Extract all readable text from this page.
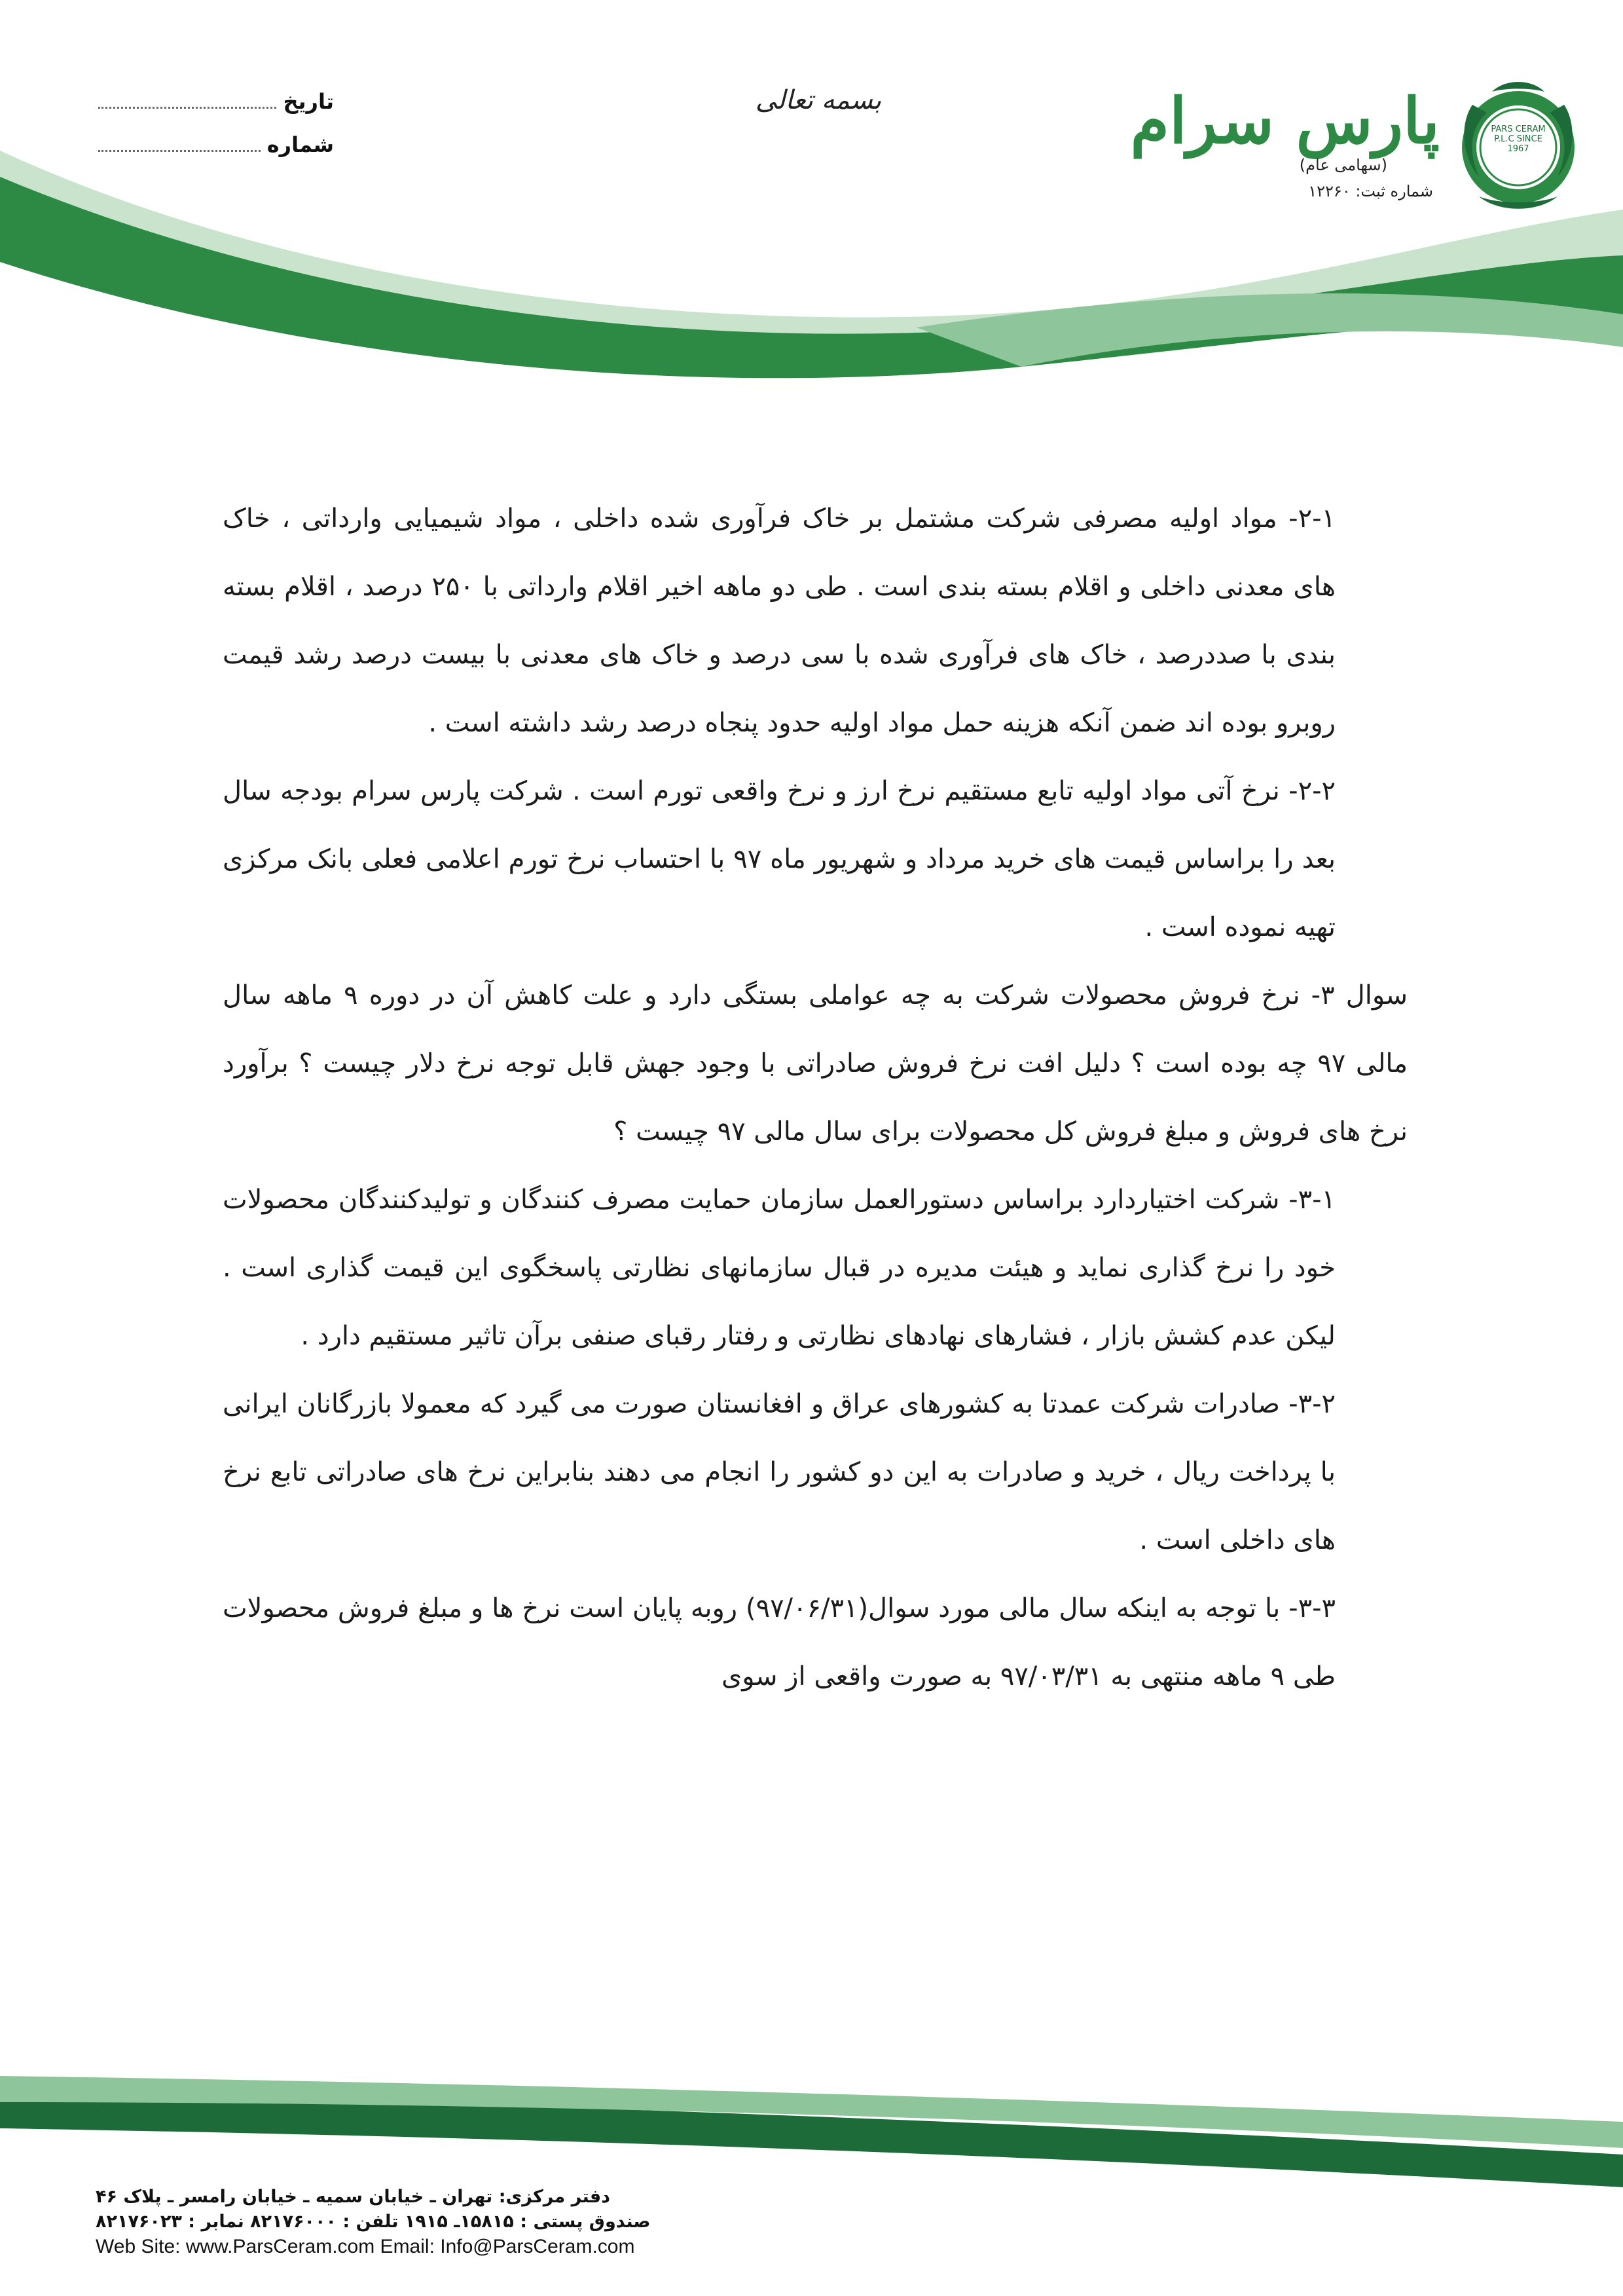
PARS CERAM P.L.C SINCE 1967
پارس سرام
(سهامی عام)
شماره ثبت: ۱۲۲۶۰
بسمه تعالی
تاریخ
شماره

۲-۱- مواد اولیه مصرفی شرکت مشتمل بر خاک فرآوری شده داخلی ، مواد شیمیایی وارداتی ، خاک های معدنی داخلی و اقلام بسته بندی است . طی دو ماهه اخیر اقلام وارداتی با ۲۵۰ درصد ، اقلام بسته بندی با صددرصد ، خاک های فرآوری شده با سی درصد و خاک های معدنی با بیست درصد رشد قیمت روبرو بوده اند ضمن آنکه هزینه حمل مواد اولیه حدود پنجاه درصد رشد داشته است .

۲-۲- نرخ آتی مواد اولیه تابع مستقیم نرخ ارز و نرخ واقعی تورم است . شرکت پارس سرام بودجه سال بعد را براساس قیمت های خرید مرداد و شهریور ماه ۹۷ با احتساب نرخ تورم اعلامی فعلی بانک مرکزی تهیه نموده است .

سوال ۳- نرخ فروش محصولات شرکت به چه عواملی بستگی دارد و علت کاهش آن در دوره ۹ ماهه سال مالی ۹۷ چه بوده است ؟ دلیل افت نرخ فروش صادراتی با وجود جهش قابل توجه نرخ دلار چیست ؟ برآورد نرخ های فروش و مبلغ فروش کل محصولات برای سال مالی ۹۷ چیست ؟

۳-۱- شرکت اختیاردارد براساس دستورالعمل سازمان حمایت مصرف کنندگان و تولیدکنندگان محصولات خود را نرخ گذاری نماید و هیئت مدیره در قبال سازمانهای نظارتی پاسخگوی این قیمت گذاری است . لیکن عدم کشش بازار ، فشارهای نهادهای نظارتی و رفتار رقبای صنفی برآن تاثیر مستقیم دارد .

۳-۲- صادرات شرکت عمدتا به کشورهای عراق و افغانستان صورت می گیرد که معمولا بازرگانان ایرانی با پرداخت ریال ، خرید و صادرات به این دو کشور را انجام می دهند بنابراین نرخ های صادراتی تابع نرخ های داخلی است .

۳-۳- با توجه به اینکه سال مالی مورد سوال(۹۷/۰۶/۳۱) روبه پایان است نرخ ها و مبلغ فروش محصولات طی ۹ ماهه منتهی به ۹۷/۰۳/۳۱ به صورت واقعی از سوی

دفتر مرکزی: تهران ـ خیابان سمیه ـ خیابان رامسر ـ پلاک ۴۶
صندوق پستی : ۱۵۸۱۵ـ ۱۹۱۵ تلفن : ۸۲۱۷۶۰۰۰ نمابر : ۸۲۱۷۶۰۲۳
Web Site: www.ParsCeram.com Email: Info@ParsCeram.com
